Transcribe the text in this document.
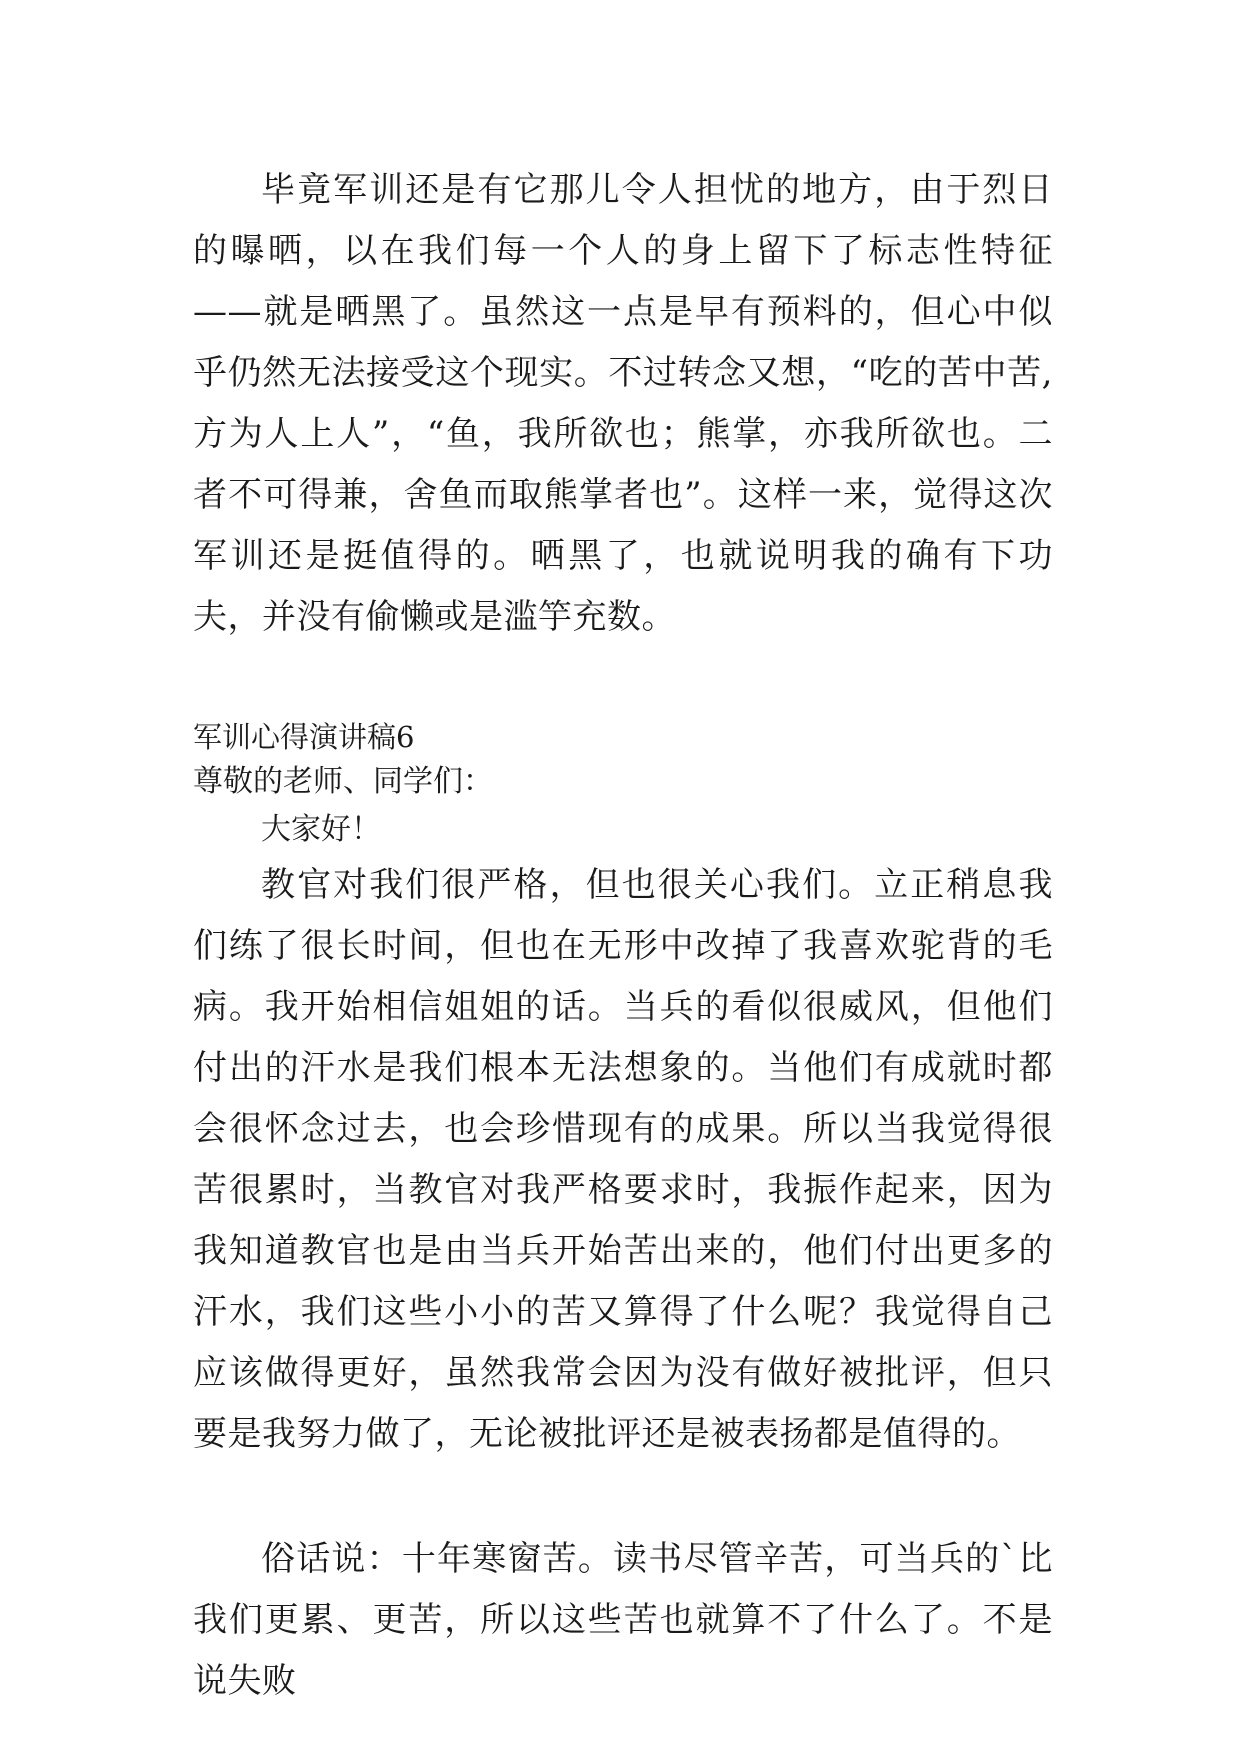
毕竟军训还是有它那儿令人担忧的地方，由于烈日的曝晒，以在我们每一个人的身上留下了标志性特征——就是晒黑了。虽然这一点是早有预料的，但心中似乎仍然无法接受这个现实。不过转念又想，“吃的苦中苦,方为人上人”，“鱼，我所欲也；熊掌，亦我所欲也。二者不可得兼，舍鱼而取熊掌者也”。这样一来，觉得这次军训还是挺值得的。晒黑了，也就说明我的确有下功夫，并没有偷懒或是滥竽充数。

军训心得演讲稿6

尊敬的老师、同学们：

大家好！

教官对我们很严格，但也很关心我们。立正稍息我们练了很长时间，但也在无形中改掉了我喜欢驼背的毛病。我开始相信姐姐的话。当兵的看似很威风，但他们付出的汗水是我们根本无法想象的。当他们有成就时都会很怀念过去，也会珍惜现有的成果。所以当我觉得很苦很累时，当教官对我严格要求时，我振作起来，因为我知道教官也是由当兵开始苦出来的，他们付出更多的汗水，我们这些小小的苦又算得了什么呢？我觉得自己应该做得更好，虽然我常会因为没有做好被批评，但只要是我努力做了，无论被批评还是被表扬都是值得的。

俗话说：十年寒窗苦。读书尽管辛苦，可当兵的`比我们更累、更苦，所以这些苦也就算不了什么了。不是说失败
